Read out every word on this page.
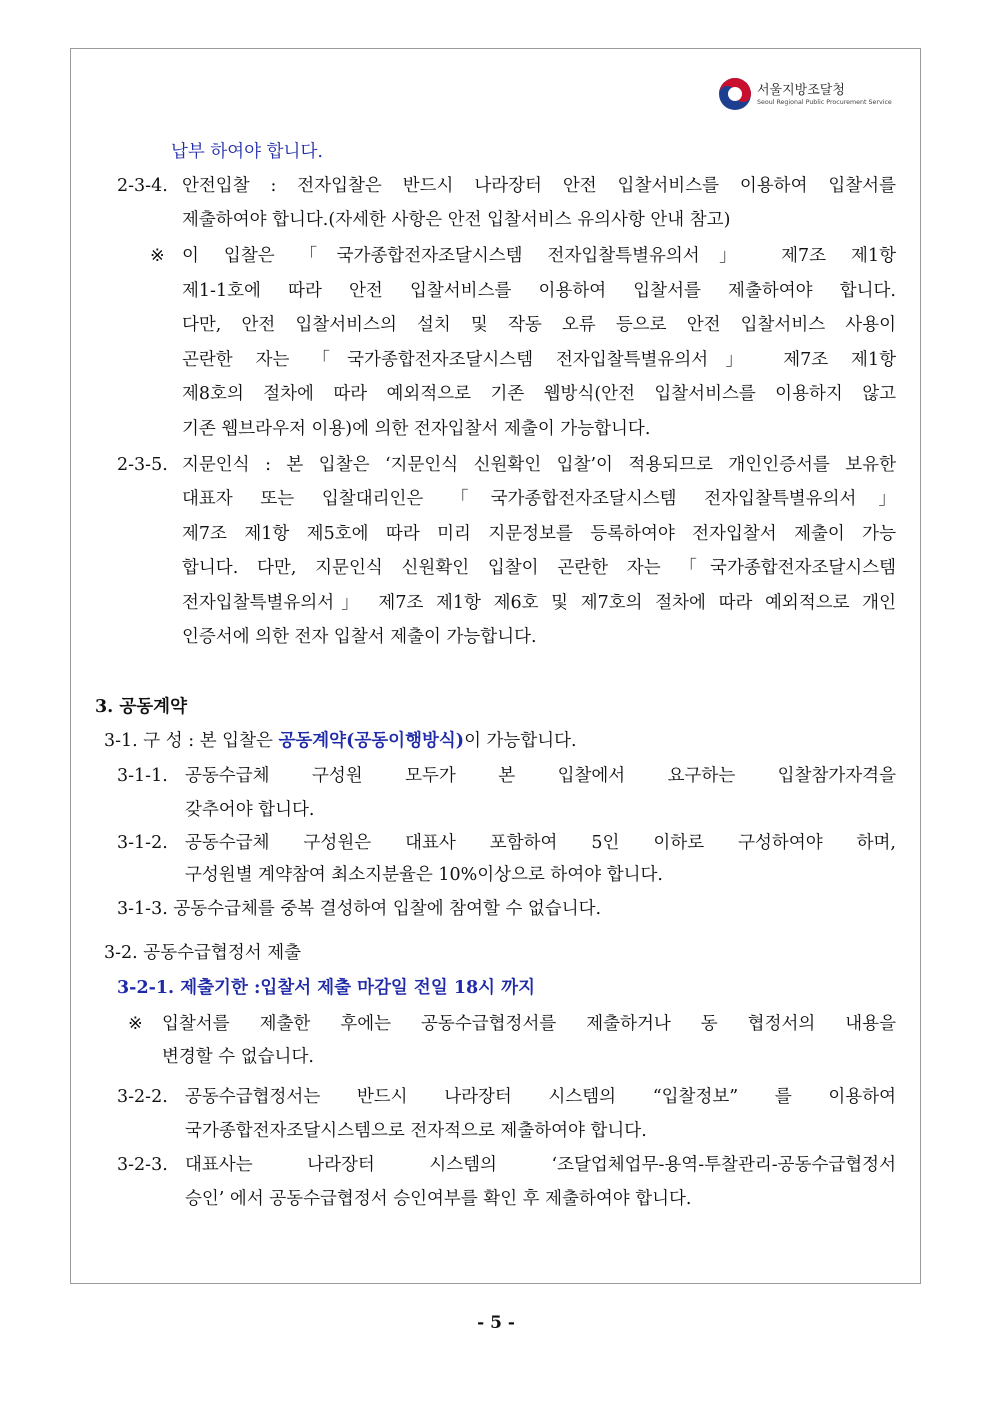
서울지방조달청
Seoul Regional Public Procurement Service
납부 하여야 합니다.
2-3-4. 안전입찰 : 전자입찰은 반드시 나라장터 안전 입찰서비스를 이용하여 입찰서를
제출하여야 합니다.(자세한 사항은 안전 입찰서비스 유의사항 안내 참고)
※ 이 입찰은 「국가종합전자조달시스템 전자입찰특별유의서」 제7조 제1항
제1-1호에 따라 안전 입찰서비스를 이용하여 입찰서를 제출하여야 합니다.
다만, 안전 입찰서비스의 설치 및 작동 오류 등으로 안전 입찰서비스 사용이
곤란한 자는 「국가종합전자조달시스템 전자입찰특별유의서」 제7조 제1항
제8호의 절차에 따라 예외적으로 기존 웹방식(안전 입찰서비스를 이용하지 않고
기존 웹브라우저 이용)에 의한 전자입찰서 제출이 가능합니다.
2-3-5. 지문인식 : 본 입찰은 ‘지문인식 신원확인 입찰’이 적용되므로 개인인증서를 보유한
대표자 또는 입찰대리인은 「국가종합전자조달시스템 전자입찰특별유의서」
제7조 제1항 제5호에 따라 미리 지문정보를 등록하여야 전자입찰서 제출이 가능
합니다. 다만, 지문인식 신원확인 입찰이 곤란한 자는 「국가종합전자조달시스템
전자입찰특별유의서」 제7조 제1항 제6호 및 제7호의 절차에 따라 예외적으로 개인
인증서에 의한 전자 입찰서 제출이 가능합니다.
3. 공동계약
3-1. 구 성 : 본 입찰은 공동계약(공동이행방식)이 가능합니다.
3-1-1. 공동수급체 구성원 모두가 본 입찰에서 요구하는 입찰참가자격을
갖추어야 합니다.
3-1-2. 공동수급체 구성원은 대표사 포함하여 5인 이하로 구성하여야 하며,
구성원별 계약참여 최소지분율은 10%이상으로 하여야 합니다.
3-1-3. 공동수급체를 중복 결성하여 입찰에 참여할 수 없습니다.
3-2. 공동수급협정서 제출
3-2-1. 제출기한 :입찰서 제출 마감일 전일 18시 까지
※ 입찰서를 제출한 후에는 공동수급협정서를 제출하거나 동 협정서의 내용을
변경할 수 없습니다.
3-2-2. 공동수급협정서는 반드시 나라장터 시스템의 “입찰정보” 를 이용하여
국가종합전자조달시스템으로 전자적으로 제출하여야 합니다.
3-2-3. 대표사는 나라장터 시스템의 ‘조달업체업무-용역-투찰관리-공동수급협정서
승인’ 에서 공동수급협정서 승인여부를 확인 후 제출하여야 합니다.
- 5 -
